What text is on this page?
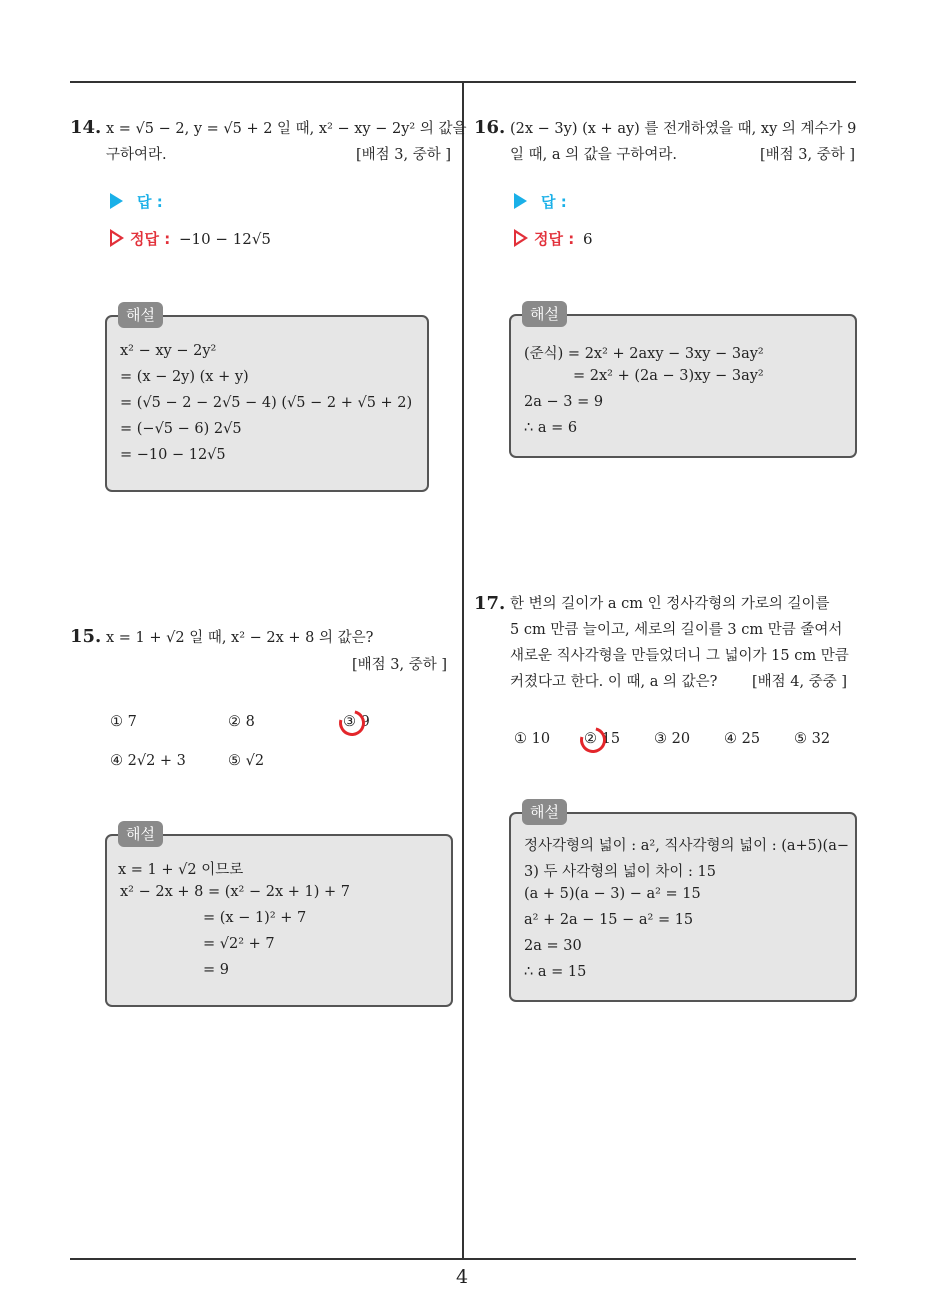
4
14. x = √5 − 2, y = √5 + 2 일 때, x² − xy − 2y² 의 값을
구하여라.	[배점 3, 중하 ]
답 :
정답 : −10 − 12√5
x² − xy − 2y²
= (x − 2y) (x + y)
= (√5 − 2 − 2√5 − 4) (√5 − 2 + √5 + 2)
= (−√5 − 6) 2√5
= −10 − 12√5
해설
15. x = 1 + √2 일 때, x² − 2x + 8 의 값은?
[배점 3, 중하 ]
① 7	② 8	③ 9
④ 2√2 + 3	⑤ √2
x = 1 + √2 이므로
x² − 2x + 8 = (x² − 2x + 1) + 7
= (x − 1)² + 7
= √2² + 7
= 9
해설
16. (2x − 3y) (x + ay) 를 전개하였을 때, xy 의 계수가 9
일 때, a 의 값을 구하여라.	[배점 3, 중하 ]
답 :
정답 : 6
(준식) = 2x² + 2axy − 3xy − 3ay²
= 2x² + (2a − 3)xy − 3ay²
2a − 3 = 9
∴ a = 6
해설
17. 한 변의 길이가 a cm 인 정사각형의 가로의 길이를
5 cm 만큼 늘이고, 세로의 길이를 3 cm 만큼 줄여서
새로운 직사각형을 만들었더니 그 넓이가 15 cm 만큼
커졌다고 한다. 이 때, a 의 값은? [배점 4, 중중 ]
① 10 ② 15 ③ 20 ④ 25 ⑤ 32
정사각형의 넓이 : a², 직사각형의 넓이 : (a+5)(a−
3) 두 사각형의 넓이 차이 : 15
(a + 5)(a − 3) − a² = 15
a² + 2a − 15 − a² = 15
2a = 30
∴ a = 15
해설
